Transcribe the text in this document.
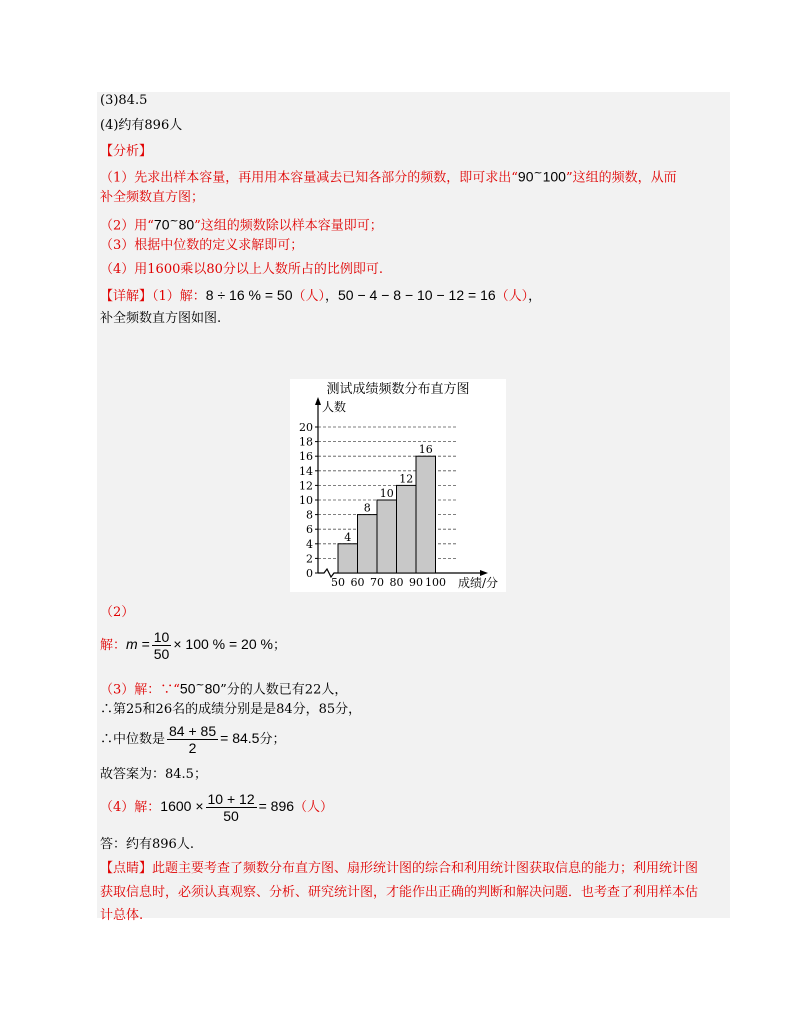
(3)84.5
(4)约有896人
【分析】
（1）先求出样本容量，再用用本容量减去已知各部分的频数，即可求出“90~100”这组的频数，从而
补全频数直方图；
（2）用“70~80”这组的频数除以样本容量即可；
（3）根据中位数的定义求解即可；
（4）用1600乘以80分以上人数所占的比例即可.
【详解】（1）解：8 ÷ 16 % = 50（人），50 − 4 − 8 − 10 − 12 = 16（人），
补全频数直方图如图.
测试成绩频数分布直方图
0
2
4
6
8
10
12
14
16
18
20
人数
成绩/分
4
8
10
12
16
50 60 70 80 90 100
（2）
解：$m = \frac{10}{50} \times 100$ % = 20 %；
（3）解：∵“50~80”分的人数已有22人，
∴第25和26名的成绩分别是是84分，85分，
∴中位数是 $\frac{84 + 85}{2} = 84.5$分；
故答案为：84.5；
（4）解：$1600 \times \frac{10 + 12}{50} = 896$（人）
答：约有896人.
【点睛】此题主要考查了频数分布直方图、扇形统计图的综合和利用统计图获取信息的能力；利用统计图
获取信息时，必须认真观察、分析、研究统计图，才能作出正确的判断和解决问题．也考查了利用样本估
计总体.
